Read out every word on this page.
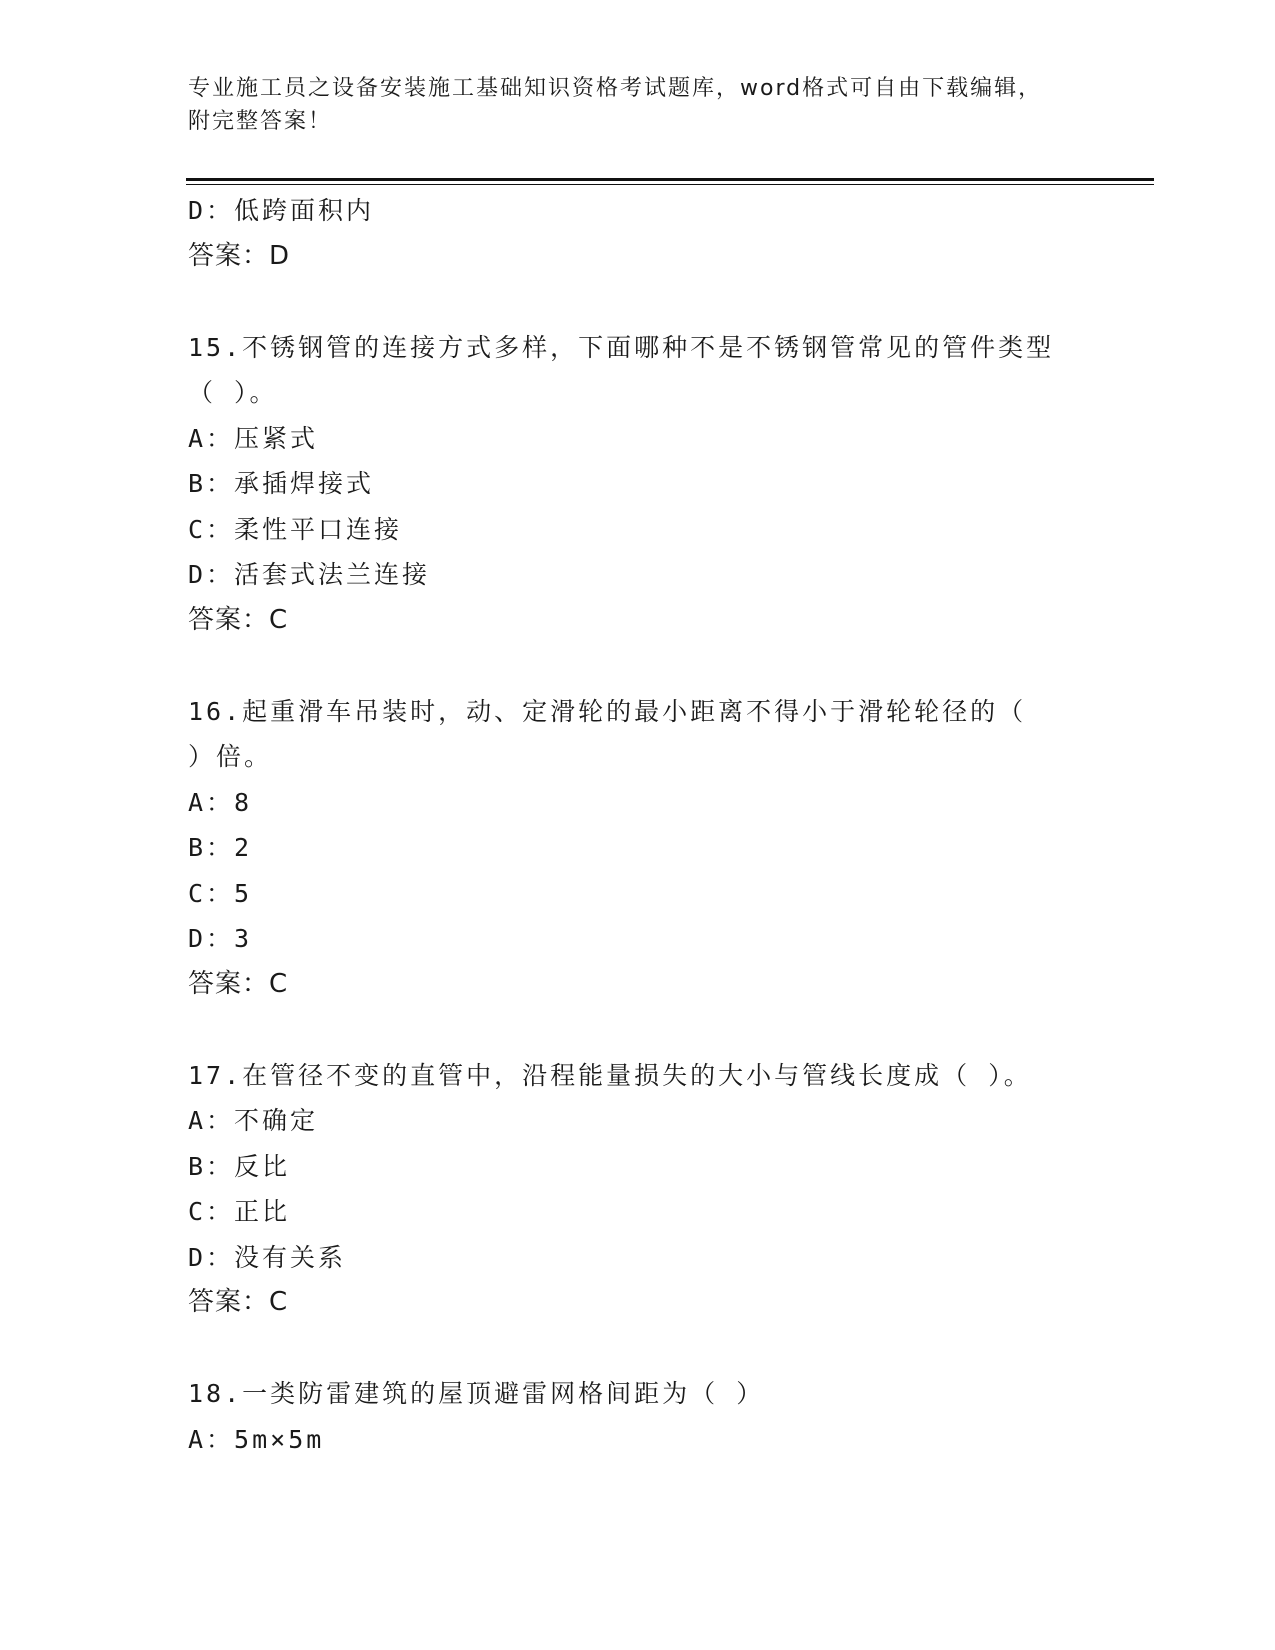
专业施工员之设备安装施工基础知识资格考试题库，word格式可自由下载编辑，
附完整答案！
D：低跨面积内
答案：D
15.不锈钢管的连接方式多样，下面哪种不是不锈钢管常见的管件类型
（ ）。
A：压紧式
B：承插焊接式
C：柔性平口连接
D：活套式法兰连接
答案：C
16.起重滑车吊装时，动、定滑轮的最小距离不得小于滑轮轮径的（
）倍。
A：8
B：2
C：5
D：3
答案：C
17.在管径不变的直管中，沿程能量损失的大小与管线长度成（ ）。
A：不确定
B：反比
C：正比
D：没有关系
答案：C
18.一类防雷建筑的屋顶避雷网格间距为（ ）
A：5m×5m
